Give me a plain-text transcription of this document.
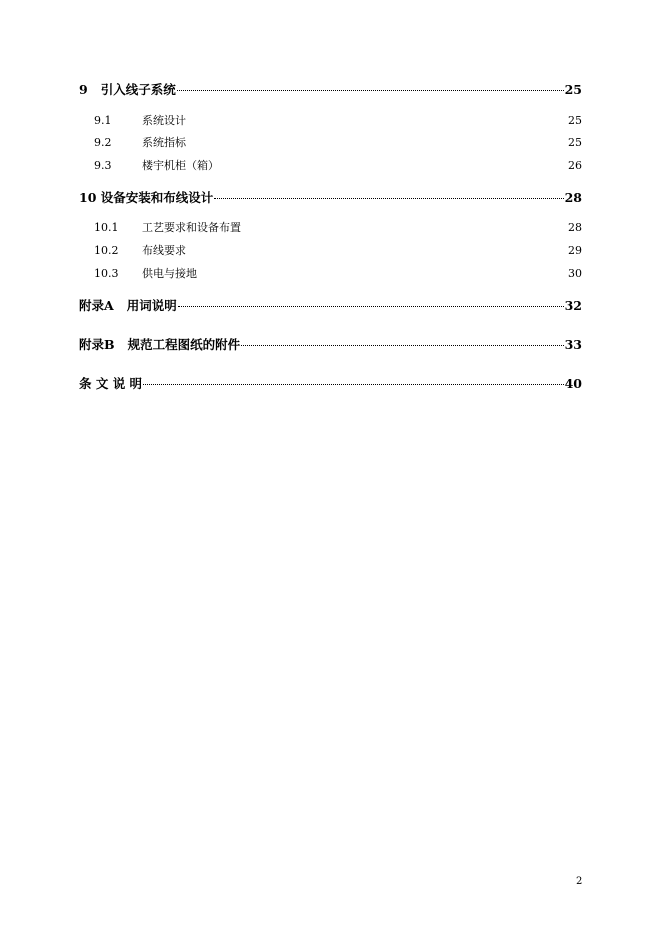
9 引入线子系统	25
9.1	系统设计	25
9.2	系统指标	25
9.3	楼宇机柜（箱）	26
10 设备安装和布线设计	28
10.1	工艺要求和设备布置	28
10.2	布线要求	29
10.3	供电与接地	30
附录A 用词说明	32
附录B 规范工程图纸的附件	33
条 文 说 明	40
2
